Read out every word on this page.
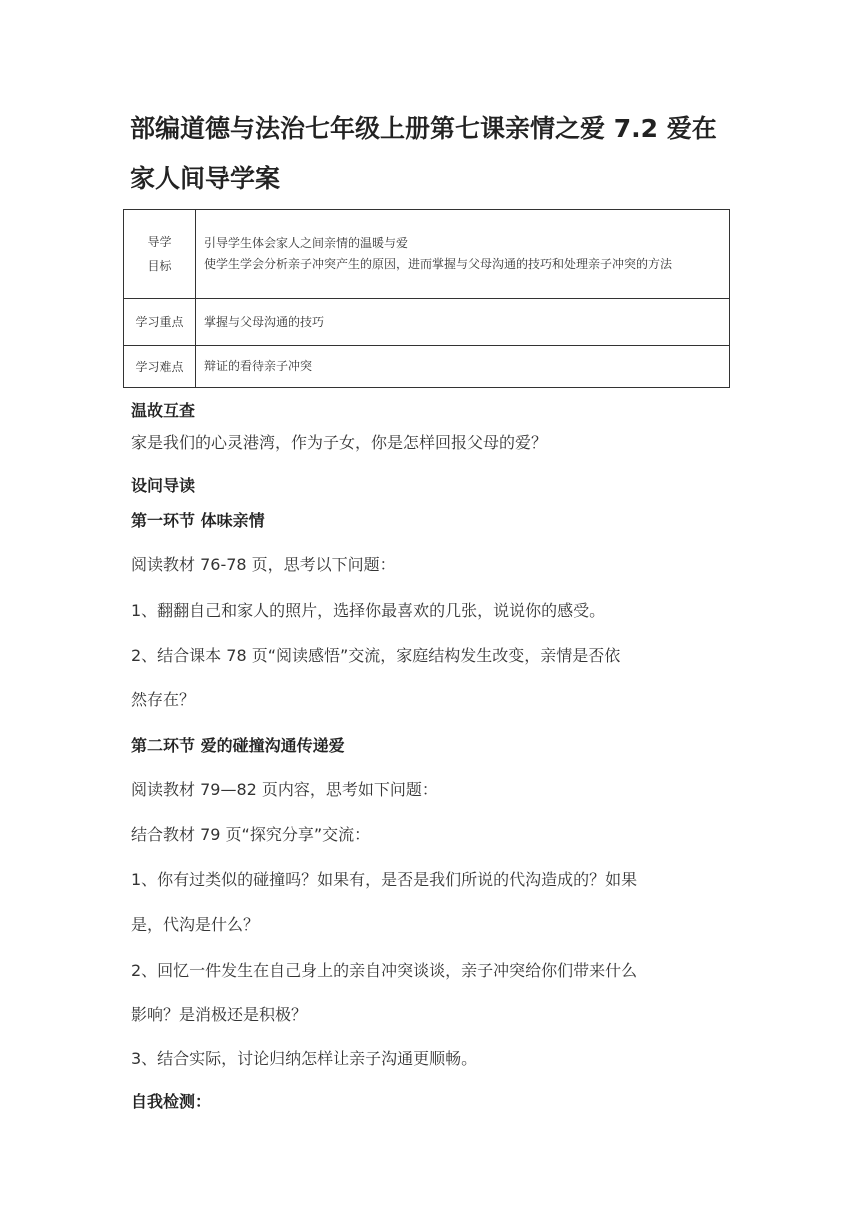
部编道德与法治七年级上册第七课亲情之爱 7.2 爱在家人间导学案
导学目标	引导学生体会家人之间亲情的温暖与爱
使学生学会分析亲子冲突产生的原因，进而掌握与父母沟通的技巧和处理亲子冲突的方法

学习重点	掌握与父母沟通的技巧
学习难点	辩证的看待亲子冲突

温故互查

家是我们的心灵港湾，作为子女，你是怎样回报父母的爱？

设问导读

第一环节 体味亲情

阅读教材 76-78 页，思考以下问题：

1、翻翻自己和家人的照片，选择你最喜欢的几张，说说你的感受。

2、结合课本 78 页“阅读感悟”交流，家庭结构发生改变，亲情是否依

然存在？

第二环节 爱的碰撞沟通传递爱

阅读教材 79—82 页内容，思考如下问题：

结合教材 79 页“探究分享”交流：

1、你有过类似的碰撞吗？如果有，是否是我们所说的代沟造成的？如果

是，代沟是什么？

2、回忆一件发生在自己身上的亲自冲突谈谈，亲子冲突给你们带来什么

影响？是消极还是积极？

3、结合实际，讨论归纳怎样让亲子沟通更顺畅。

自我检测：
